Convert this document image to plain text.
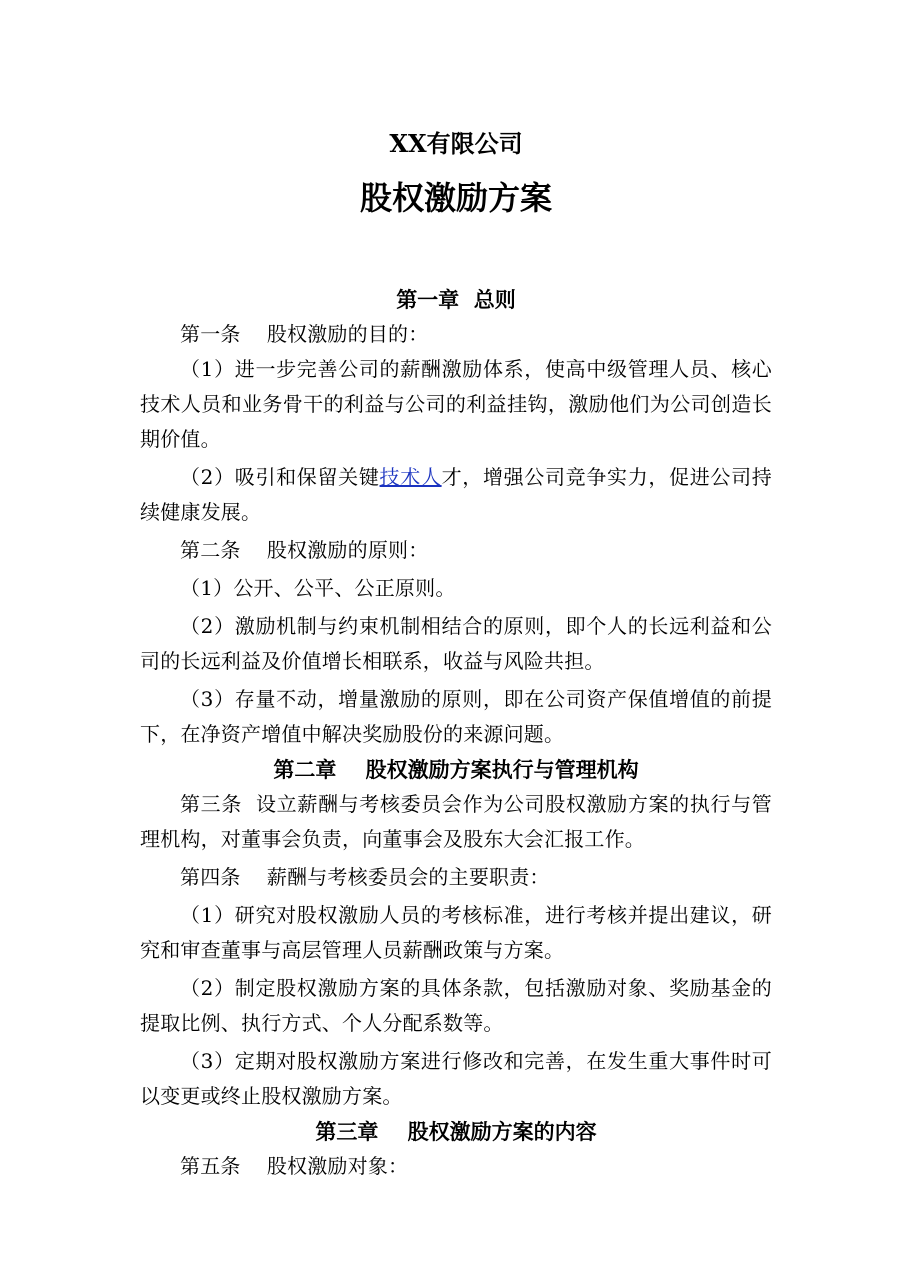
XX有限公司
股权激励方案

第一章  总则

第一条    股权激励的目的：

（1）进一步完善公司的薪酬激励体系，使高中级管理人员、核心技术人员和业务骨干的利益与公司的利益挂钩，激励他们为公司创造长期价值。

（2）吸引和保留关键技术人才，增强公司竞争实力，促进公司持续健康发展。

第二条    股权激励的原则：

（1）公开、公平、公正原则。

（2）激励机制与约束机制相结合的原则，即个人的长远利益和公司的长远利益及价值增长相联系，收益与风险共担。

（3）存量不动，增量激励的原则，即在公司资产保值增值的前提下，在净资产增值中解决奖励股份的来源问题。

第二章    股权激励方案执行与管理机构

第三条  设立薪酬与考核委员会作为公司股权激励方案的执行与管理机构，对董事会负责，向董事会及股东大会汇报工作。

第四条    薪酬与考核委员会的主要职责：

（1）研究对股权激励人员的考核标准，进行考核并提出建议，研究和审查董事与高层管理人员薪酬政策与方案。

（2）制定股权激励方案的具体条款，包括激励对象、奖励基金的提取比例、执行方式、个人分配系数等。

（3）定期对股权激励方案进行修改和完善，在发生重大事件时可以变更或终止股权激励方案。

第三章    股权激励方案的内容

第五条    股权激励对象：
